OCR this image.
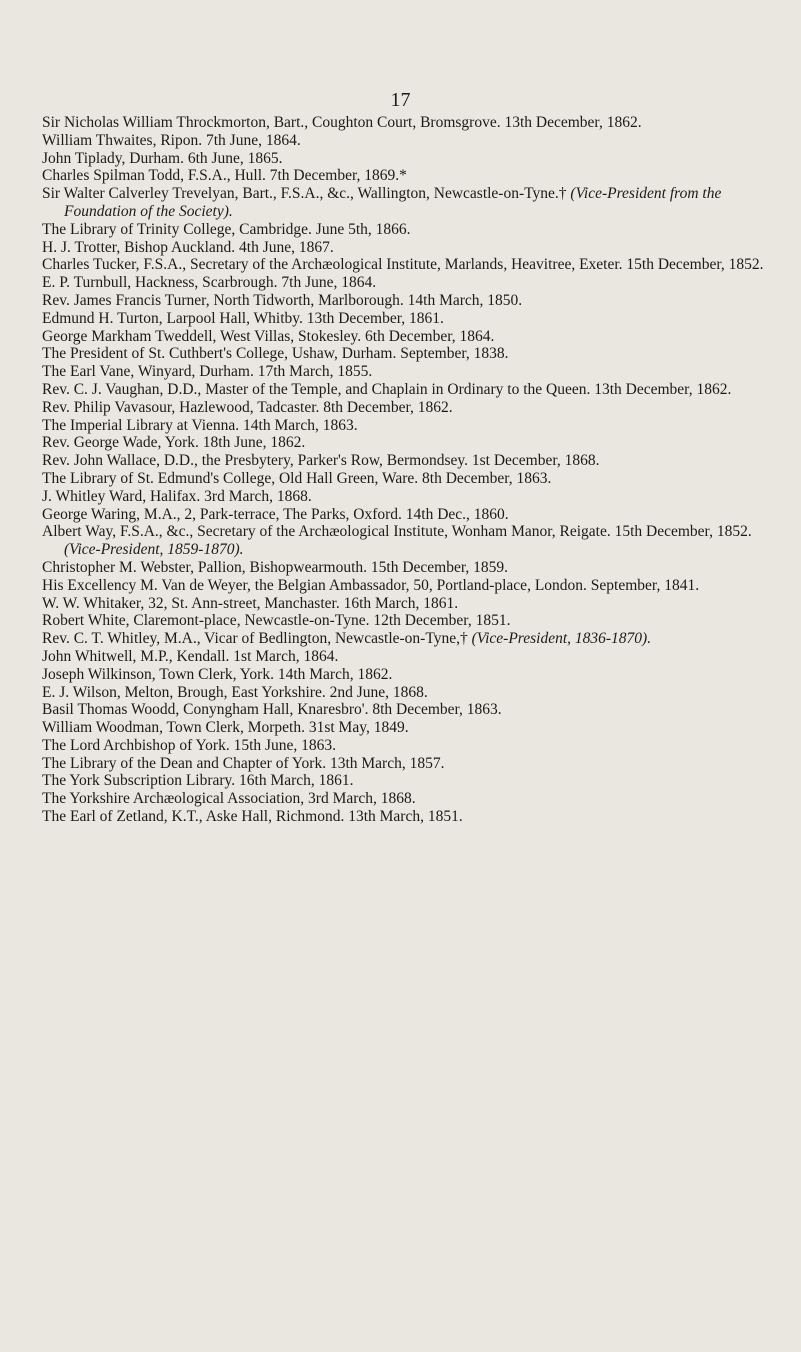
17
Sir Nicholas William Throckmorton, Bart., Coughton Court, Bromsgrove. 13th December, 1862.
William Thwaites, Ripon. 7th June, 1864.
John Tiplady, Durham. 6th June, 1865.
Charles Spilman Todd, F.S.A., Hull. 7th December, 1869.*
Sir Walter Calverley Trevelyan, Bart., F.S.A., &c., Wallington, Newcastle-on-Tyne.† (Vice-President from the Foundation of the Society).
The Library of Trinity College, Cambridge. June 5th, 1866.
H. J. Trotter, Bishop Auckland. 4th June, 1867.
Charles Tucker, F.S.A., Secretary of the Archæological Institute, Marlands, Heavitree, Exeter. 15th December, 1852.
E. P. Turnbull, Hackness, Scarbrough. 7th June, 1864.
Rev. James Francis Turner, North Tidworth, Marlborough. 14th March, 1850.
Edmund H. Turton, Larpool Hall, Whitby. 13th December, 1861.
George Markham Tweddell, West Villas, Stokesley. 6th December, 1864.
The President of St. Cuthbert's College, Ushaw, Durham. September, 1838.
The Earl Vane, Winyard, Durham. 17th March, 1855.
Rev. C. J. Vaughan, D.D., Master of the Temple, and Chaplain in Ordinary to the Queen. 13th December, 1862.
Rev. Philip Vavasour, Hazlewood, Tadcaster. 8th December, 1862.
The Imperial Library at Vienna. 14th March, 1863.
Rev. George Wade, York. 18th June, 1862.
Rev. John Wallace, D.D., the Presbytery, Parker's Row, Bermondsey. 1st December, 1868.
The Library of St. Edmund's College, Old Hall Green, Ware. 8th December, 1863.
J. Whitley Ward, Halifax. 3rd March, 1868.
George Waring, M.A., 2, Park-terrace, The Parks, Oxford. 14th Dec., 1860.
Albert Way, F.S.A., &c., Secretary of the Archæological Institute, Wonham Manor, Reigate. 15th December, 1852. (Vice-President, 1859-1870).
Christopher M. Webster, Pallion, Bishopwearmouth. 15th December, 1859.
His Excellency M. Van de Weyer, the Belgian Ambassador, 50, Portland-place, London. September, 1841.
W. W. Whitaker, 32, St. Ann-street, Manchaster. 16th March, 1861.
Robert White, Claremont-place, Newcastle-on-Tyne. 12th December, 1851.
Rev. C. T. Whitley, M.A., Vicar of Bedlington, Newcastle-on-Tyne,† (Vice-President, 1836-1870).
John Whitwell, M.P., Kendall. 1st March, 1864.
Joseph Wilkinson, Town Clerk, York. 14th March, 1862.
E. J. Wilson, Melton, Brough, East Yorkshire. 2nd June, 1868.
Basil Thomas Woodd, Conyngham Hall, Knaresbro'. 8th December, 1863.
William Woodman, Town Clerk, Morpeth. 31st May, 1849.
The Lord Archbishop of York. 15th June, 1863.
The Library of the Dean and Chapter of York. 13th March, 1857.
The York Subscription Library. 16th March, 1861.
The Yorkshire Archæological Association, 3rd March, 1868.
The Earl of Zetland, K.T., Aske Hall, Richmond. 13th March, 1851.
